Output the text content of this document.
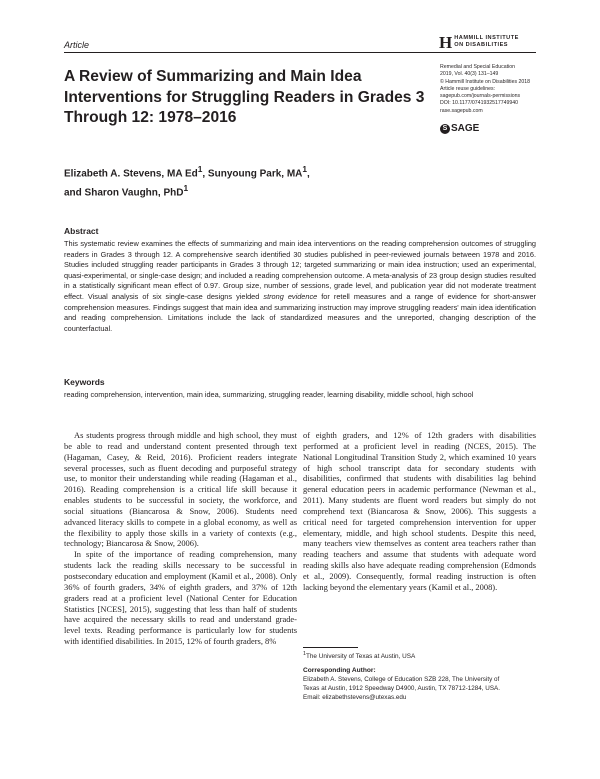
Article	H HAMMILL INSTITUTE
ON DISABILITIES
Remedial and Special Education
2019, Vol. 40(3) 131–149
© Hammill Institute on Disabilities 2018
Article reuse guidelines:
sagepub.com/journals-permissions
DOI: 10.1177/0741932517749940
rase.sagepub.com
S SAGE
A Review of Summarizing and Main Idea Interventions for Struggling Readers in Grades 3 Through 12: 1978–2016
Elizabeth A. Stevens, MA Ed$^1$, Sunyoung Park, $MA^1$,
and Sharon Vaughn, PhD$^1$
Abstract
This systematic review examines the effects of summarizing and main idea interventions on the reading comprehension outcomes of struggling readers in Grades 3 through 12. A comprehensive search identified 30 studies published in peer-reviewed journals between 1978 and 2016. Studies included struggling reader participants in Grades 3 through 12; targeted summarizing or main idea instruction; used an experimental, quasi-experimental, or single-case design; and included a reading comprehension outcome. A meta-analysis of 23 group design studies resulted in a statistically significant mean effect of 0.97. Group size, number of sessions, grade level, and publication year did not moderate treatment effect. Visual analysis of six single-case designs yielded strong evidence for retell measures and a range of evidence for short-answer comprehension measures. Findings suggest that main idea and summarizing instruction may improve struggling readers' main idea identification and reading comprehension. Limitations include the lack of standardized measures and the unreported, changing description of the counterfactual.
Keywords
reading comprehension, intervention, main idea, summarizing, struggling reader, learning disability, middle school, high school

As students progress through middle and high school, they must be able to read and understand content presented through text (Hagaman, Casey, & Reid, 2016). Proficient readers integrate several processes, such as fluent decoding and purposeful strategy use, to monitor their understanding while reading (Hagaman et al., 2016). Reading comprehension is a critical life skill because it enables students to be successful in society, the workforce, and social situations (Biancarosa & Snow, 2006). Students need advanced literacy skills to compete in a global economy, as well as the flexibility to apply those skills in a variety of contexts (e.g., technology; Biancarosa & Snow, 2006).

In spite of the importance of reading comprehension, many students lack the reading skills necessary to be successful in postsecondary education and employment (Kamil et al., 2008). Only 36% of fourth graders, 34% of eighth graders, and 37% of 12th graders read at a proficient level (National Center for Education Statistics [NCES], 2015), suggesting that less than half of students have acquired the necessary skills to read and understand grade-level texts. Reading performance is particularly low for students with identified disabilities. In 2015, 12% of fourth graders, 8%

of eighth graders, and 12% of 12th graders with disabilities performed at a proficient level in reading (NCES, 2015). The National Longitudinal Transition Study 2, which examined 10 years of high school transcript data for secondary students with disabilities, confirmed that students with disabilities lag behind general education peers in academic performance (Newman et al., 2011). Many students are fluent word readers but simply do not comprehend text (Biancarosa & Snow, 2006). This suggests a critical need for targeted comprehension intervention for upper elementary, middle, and high school students. Despite this need, many teachers view themselves as content area teachers rather than reading teachers and assume that students with adequate word reading skills also have adequate reading comprehension (Edmonds et al., 2009). Consequently, formal reading instruction is often lacking beyond the elementary years (Kamil et al., 2008).

$^1$The University of Texas at Austin, USA
Corresponding Author:
Elizabeth A. Stevens, College of Education SZB 228, The University of
Texas at Austin, 1912 Speedway D4900, Austin, TX 78712-1284, USA.
Email: elizabethstevens@utexas.edu
